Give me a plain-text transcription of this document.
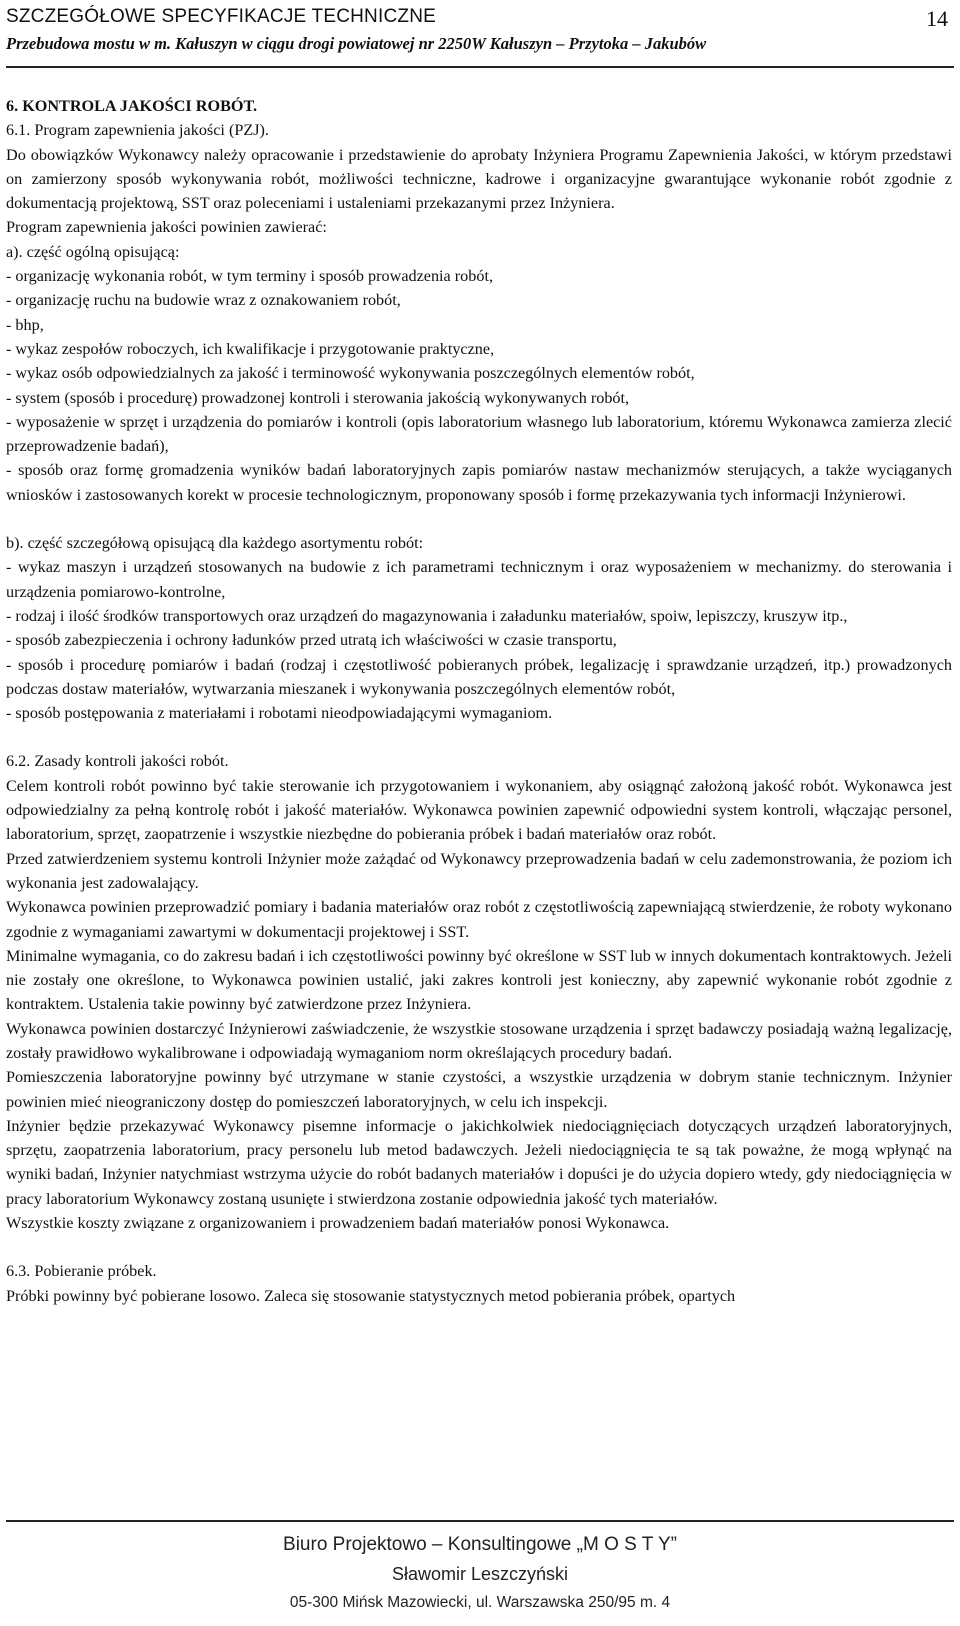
SZCZEGÓŁOWE SPECYFIKACJE TECHNICZNE
Przebudowa mostu w m. Kałuszyn w ciągu drogi powiatowej nr 2250W Kałuszyn – Przytoka – Jakubów
14

6. KONTROLA JAKOŚCI ROBÓT.

6.1. Program zapewnienia jakości (PZJ).

Do obowiązków Wykonawcy należy opracowanie i przedstawienie do aprobaty Inżyniera Programu Zapewnienia Jakości, w którym przedstawi on zamierzony sposób wykonywania robót, możliwości techniczne, kadrowe i organizacyjne gwarantujące wykonanie robót zgodnie z dokumentacją projektową, SST oraz poleceniami i ustaleniami przekazanymi przez Inżyniera.

Program zapewnienia jakości powinien zawierać:

a). część ogólną opisującą:

- organizację wykonania robót, w tym terminy i sposób prowadzenia robót,

- organizację ruchu na budowie wraz z oznakowaniem robót,

- bhp,

- wykaz zespołów roboczych, ich kwalifikacje i przygotowanie praktyczne,

- wykaz osób odpowiedzialnych za jakość i terminowość wykonywania poszczególnych elementów robót,

- system (sposób i procedurę) prowadzonej kontroli i sterowania jakością wykonywanych robót,

- wyposażenie w sprzęt i urządzenia do pomiarów i kontroli (opis laboratorium własnego lub laboratorium, któremu Wykonawca zamierza zlecić przeprowadzenie badań),

- sposób oraz formę gromadzenia wyników badań laboratoryjnych zapis pomiarów nastaw mechanizmów sterujących, a także wyciąganych wniosków i zastosowanych korekt w procesie technologicznym, proponowany sposób i formę przekazywania tych informacji Inżynierowi.

b). część szczegółową opisującą dla każdego asortymentu robót:

- wykaz maszyn i urządzeń stosowanych na budowie z ich parametrami technicznym i oraz wyposażeniem w mechanizmy. do sterowania i urządzenia pomiarowo-kontrolne,

- rodzaj i ilość środków transportowych oraz urządzeń do magazynowania i załadunku materiałów, spoiw, lepiszczy, kruszyw itp.,

- sposób zabezpieczenia i ochrony ładunków przed utratą ich właściwości w czasie transportu,

- sposób i procedurę pomiarów i badań (rodzaj i częstotliwość pobieranych próbek, legalizację i sprawdzanie urządzeń, itp.) prowadzonych podczas dostaw materiałów, wytwarzania mieszanek i wykonywania poszczególnych elementów robót,

- sposób postępowania z materiałami i robotami nieodpowiadającymi wymaganiom.

6.2. Zasady kontroli jakości robót.

Celem kontroli robót powinno być takie sterowanie ich przygotowaniem i wykonaniem, aby osiągnąć założoną jakość robót. Wykonawca jest odpowiedzialny za pełną kontrolę robót i jakość materiałów. Wykonawca powinien zapewnić odpowiedni system kontroli, włączając personel, laboratorium, sprzęt, zaopatrzenie i wszystkie niezbędne do pobierania próbek i badań materiałów oraz robót.

Przed zatwierdzeniem systemu kontroli Inżynier może zażądać od Wykonawcy przeprowadzenia badań w celu zademonstrowania, że poziom ich wykonania jest zadowalający.

Wykonawca powinien przeprowadzić pomiary i badania materiałów oraz robót z częstotliwością zapewniającą stwierdzenie, że roboty wykonano zgodnie z wymaganiami zawartymi w dokumentacji projektowej i SST.

Minimalne wymagania, co do zakresu badań i ich częstotliwości powinny być określone w SST lub w innych dokumentach kontraktowych. Jeżeli nie zostały one określone, to Wykonawca powinien ustalić, jaki zakres kontroli jest konieczny, aby zapewnić wykonanie robót zgodnie z kontraktem. Ustalenia takie powinny być zatwierdzone przez Inżyniera.

Wykonawca powinien dostarczyć Inżynierowi zaświadczenie, że wszystkie stosowane urządzenia i sprzęt badawczy posiadają ważną legalizację, zostały prawidłowo wykalibrowane i odpowiadają wymaganiom norm określających procedury badań.

Pomieszczenia laboratoryjne powinny być utrzymane w stanie czystości, a wszystkie urządzenia w dobrym stanie technicznym. Inżynier powinien mieć nieograniczony dostęp do pomieszczeń laboratoryjnych, w celu ich inspekcji.

Inżynier będzie przekazywać Wykonawcy pisemne informacje o jakichkolwiek niedociągnięciach dotyczących urządzeń laboratoryjnych, sprzętu, zaopatrzenia laboratorium, pracy personelu lub metod badawczych. Jeżeli niedociągnięcia te są tak poważne, że mogą wpłynąć na wyniki badań, Inżynier natychmiast wstrzyma użycie do robót badanych materiałów i dopuści je do użycia dopiero wtedy, gdy niedociągnięcia w pracy laboratorium Wykonawcy zostaną usunięte i stwierdzona zostanie odpowiednia jakość tych materiałów.

Wszystkie koszty związane z organizowaniem i prowadzeniem badań materiałów ponosi Wykonawca.

6.3. Pobieranie próbek.

Próbki powinny być pobierane losowo. Zaleca się stosowanie statystycznych metod pobierania próbek, opartych

Biuro Projektowo – Konsultingowe „M O S T Y”
Sławomir Leszczyński
05-300 Mińsk Mazowiecki, ul. Warszawska 250/95 m. 4
